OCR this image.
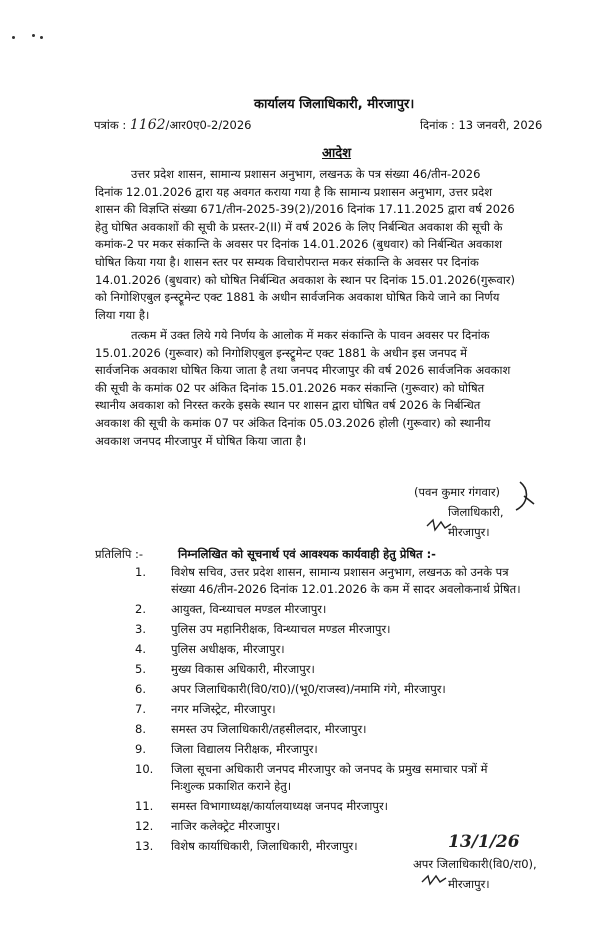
कार्यालय जिलाधिकारी, मीरजापुर।
पत्रांक : 1162/आर0ए0-2/2026	दिनांक : 13 जनवरी, 2026
आदेश
उत्तर प्रदेश शासन, सामान्य प्रशासन अनुभाग, लखनऊ के पत्र संख्या 46/तीन-2026
दिनांक 12.01.2026 द्वारा यह अवगत कराया गया है कि सामान्य प्रशासन अनुभाग, उत्तर प्रदेश
शासन की विज्ञप्ति संख्या 671/तीन-2025-39(2)/2016 दिनांक 17.11.2025 द्वारा वर्ष 2026
हेतु घोषित अवकाशों की सूची के प्रस्तर-2(II) में वर्ष 2026 के लिए निर्बन्धित अवकाश की सूची के
कमांक-2 पर मकर संकान्ति के अवसर पर दिनांक 14.01.2026 (बुधवार) को निर्बन्धित अवकाश
घोषित किया गया है। शासन स्तर पर सम्यक विचारोपरान्त मकर संकान्ति के अवसर पर दिनांक
14.01.2026 (बुधवार) को घोषित निर्बन्धित अवकाश के स्थान पर दिनांक 15.01.2026(गुरूवार)
को निगोशिएबुल इन्स्ट्रूमेन्ट एक्ट 1881 के अधीन सार्वजनिक अवकाश घोषित किये जाने का निर्णय
लिया गया है।
तत्कम में उक्त लिये गये निर्णय के आलोक में मकर संकान्ति के पावन अवसर पर दिनांक
15.01.2026 (गुरूवार) को निगोशिएबुल इन्स्ट्रूमेन्ट एक्ट 1881 के अधीन इस जनपद में
सार्वजनिक अवकाश घोषित किया जाता है तथा जनपद मीरजापुर की वर्ष 2026 सार्वजनिक अवकाश
की सूची के कमांक 02 पर अंकित दिनांक 15.01.2026 मकर संकान्ति (गुरूवार) को घोषित
स्थानीय अवकाश को निरस्त करके इसके स्थान पर शासन द्वारा घोषित वर्ष 2026 के निर्बन्धित
अवकाश की सूची के कमांक 07 पर अंकित दिनांक 05.03.2026 होली (गुरूवार) को स्थानीय
अवकाश जनपद मीरजापुर में घोषित किया जाता है।
(पवन कुमार गंगवार)
जिलाधिकारी,
मीरजापुर।
प्रतिलिपि :-	निम्नलिखित को सूचनार्थ एवं आवश्यक कार्यवाही हेतु प्रेषित :-
1.	विशेष सचिव, उत्तर प्रदेश शासन, सामान्य प्रशासन अनुभाग, लखनऊ को उनके पत्र
संख्या 46/तीन-2026 दिनांक 12.01.2026 के कम में सादर अवलोकनार्थ प्रेषित।
2.	आयुक्त, विन्ध्याचल मण्डल मीरजापुर।
3.	पुलिस उप महानिरीक्षक, विन्ध्याचल मण्डल मीरजापुर।
4.	पुलिस अधीक्षक, मीरजापुर।
5.	मुख्य विकास अधिकारी, मीरजापुर।
6.	अपर जिलाधिकारी(वि0/रा0)/(भू0/राजस्व)/नमामि गंगे, मीरजापुर।
7.	नगर मजिस्ट्रेट, मीरजापुर।
8.	समस्त उप जिलाधिकारी/तहसीलदार, मीरजापुर।
9.	जिला विद्यालय निरीक्षक, मीरजापुर।
10.	जिला सूचना अधिकारी जनपद मीरजापुर को जनपद के प्रमुख समाचार पत्रों में
निःशुल्क प्रकाशित कराने हेतु।
11.	समस्त विभागाध्यक्ष/कार्यालयाध्यक्ष जनपद मीरजापुर।
12.	नाजिर कलेक्ट्रेट मीरजापुर।
13.	विशेष कार्याधिकारी, जिलाधिकारी, मीरजापुर।	13/1/26
अपर जिलाधिकारी(वि0/रा0),
मीरजापुर।
